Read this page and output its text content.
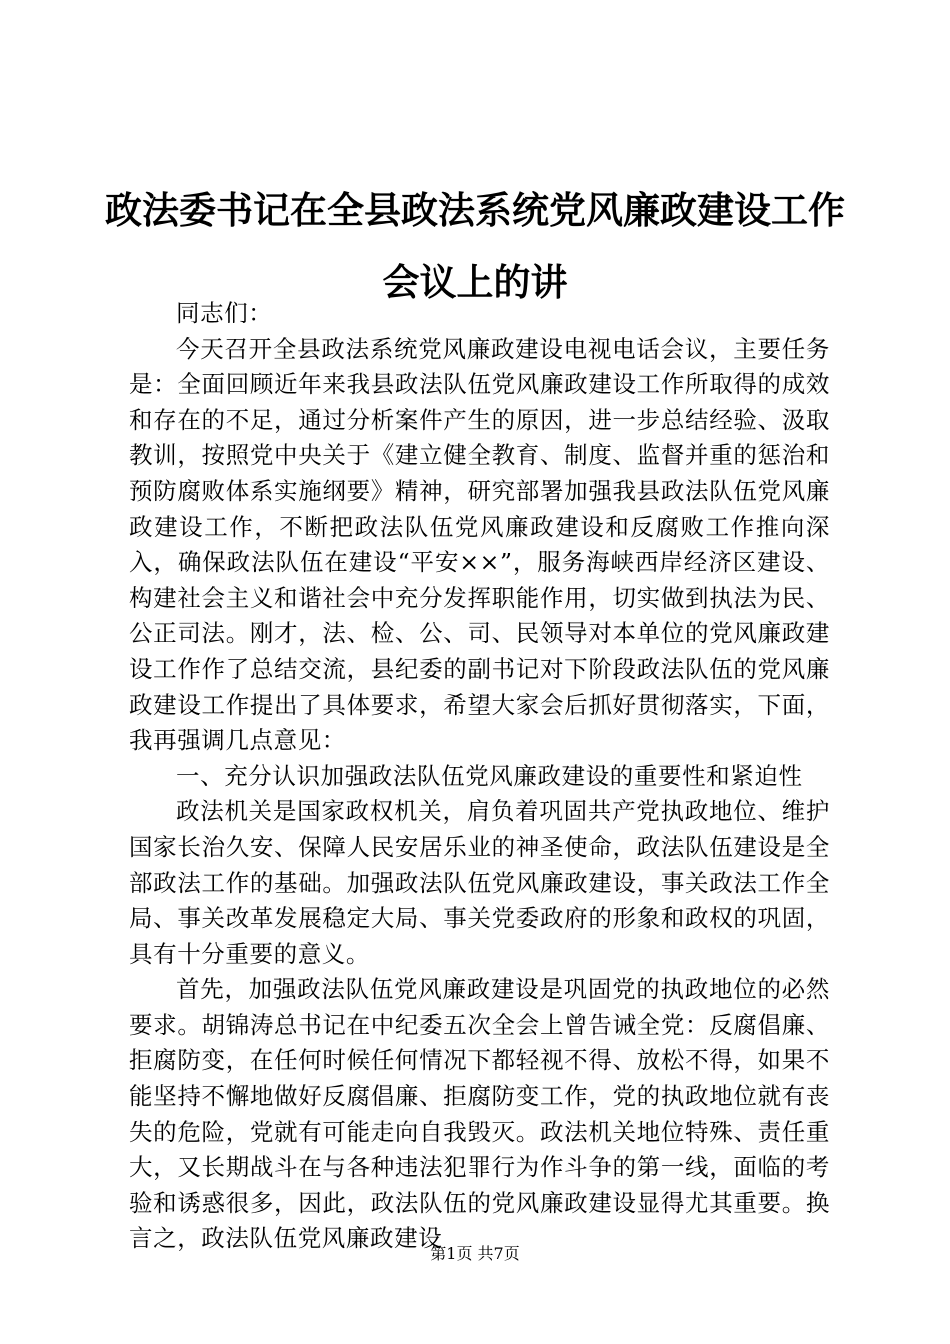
政法委书记在全县政法系统党风廉政建设工作
会议上的讲

同志们：

今天召开全县政法系统党风廉政建设电视电话会议，主要任务是：全面回顾近年来我县政法队伍党风廉政建设工作所取得的成效和存在的不足，通过分析案件产生的原因，进一步总结经验、汲取教训，按照党中央关于《建立健全教育、制度、监督并重的惩治和预防腐败体系实施纲要》精神，研究部署加强我县政法队伍党风廉政建设工作，不断把政法队伍党风廉政建设和反腐败工作推向深入，确保政法队伍在建设“平安××”，服务海峡西岸经济区建设、构建社会主义和谐社会中充分发挥职能作用，切实做到执法为民、公正司法。刚才，法、检、公、司、民领导对本单位的党风廉政建设工作作了总结交流，县纪委的副书记对下阶段政法队伍的党风廉政建设工作提出了具体要求，希望大家会后抓好贯彻落实，下面，我再强调几点意见：

一、充分认识加强政法队伍党风廉政建设的重要性和紧迫性

政法机关是国家政权机关，肩负着巩固共产党执政地位、维护国家长治久安、保障人民安居乐业的神圣使命，政法队伍建设是全部政法工作的基础。加强政法队伍党风廉政建设，事关政法工作全局、事关改革发展稳定大局、事关党委政府的形象和政权的巩固，具有十分重要的意义。

首先，加强政法队伍党风廉政建设是巩固党的执政地位的必然要求。胡锦涛总书记在中纪委五次全会上曾告诫全党：反腐倡廉、拒腐防变，在任何时候任何情况下都轻视不得、放松不得，如果不能坚持不懈地做好反腐倡廉、拒腐防变工作，党的执政地位就有丧失的危险，党就有可能走向自我毁灭。政法机关地位特殊、责任重大，又长期战斗在与各种违法犯罪行为作斗争的第一线，面临的考验和诱惑很多，因此，政法队伍的党风廉政建设显得尤其重要。换言之，政法队伍党风廉政建设

第1页 共7页
